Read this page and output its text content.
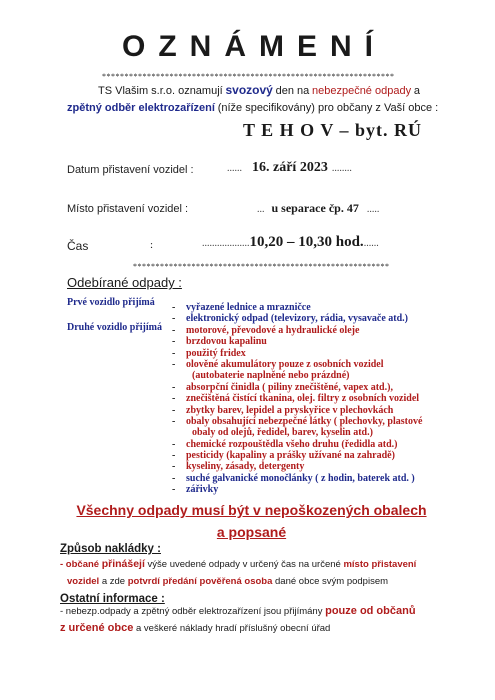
OZNÁMENÍ
*****************************************************************
TS Vlašim s.r.o. oznamují svozový den na nebezpečné odpady a
zpětný odběr elektrozařízení (níže specifikovány) pro občany z Vaší obce :
T E H O V – byt. RÚ
Datum přistavení vozidel :	...... 16. září 2023 ........
Místo přistavení vozidel :	... u separace čp. 47 .....
Čas	:	...................10,20 – 10,30 hod.......
*********************************************************
Odebírané odpady :
Prvé vozidlo přijímá
Druhé vozidlo přijímá
- vyřazené lednice a mrazničce
- elektronický odpad (televizory, rádia, vysavače atd.)
- motorové, převodové a hydraulické oleje
- brzdovou kapalinu
- použitý fridex
- olověné akumulátory pouze z osobních vozidel
(autobaterie naplněné nebo prázdné)
- absorpční činidla ( piliny znečištěné, vapex atd.),
- znečištěná čistící tkanina, olej. filtry z osobních vozidel
- zbytky barev, lepidel a pryskyřice v plechovkách
- obaly obsahující nebezpečné látky ( plechovky, plastové
obaly od olejů, ředidel, barev, kyselin atd.)
- chemické rozpouštědla všeho druhu (ředidla atd.)
- pesticidy (kapaliny a prášky užívané na zahradě)
- kyseliny, zásady, detergenty
- suché galvanické monočlánky ( z hodin, baterek atd. )
- zářivky
Všechny odpady musí být v nepoškozených obalech
a popsané
Způsob nakládky :
- občané přinášejí výše uvedené odpady v určený čas na určené místo přistavení
vozidel a zde potvrdí předání pověřená osoba dané obce svým podpisem
Ostatní informace :
- nebezp.odpady a zpětný odběr elektrozařízení jsou přijímány pouze od občanů
z určené obce a veškeré náklady hradí příslušný obecní úřad
